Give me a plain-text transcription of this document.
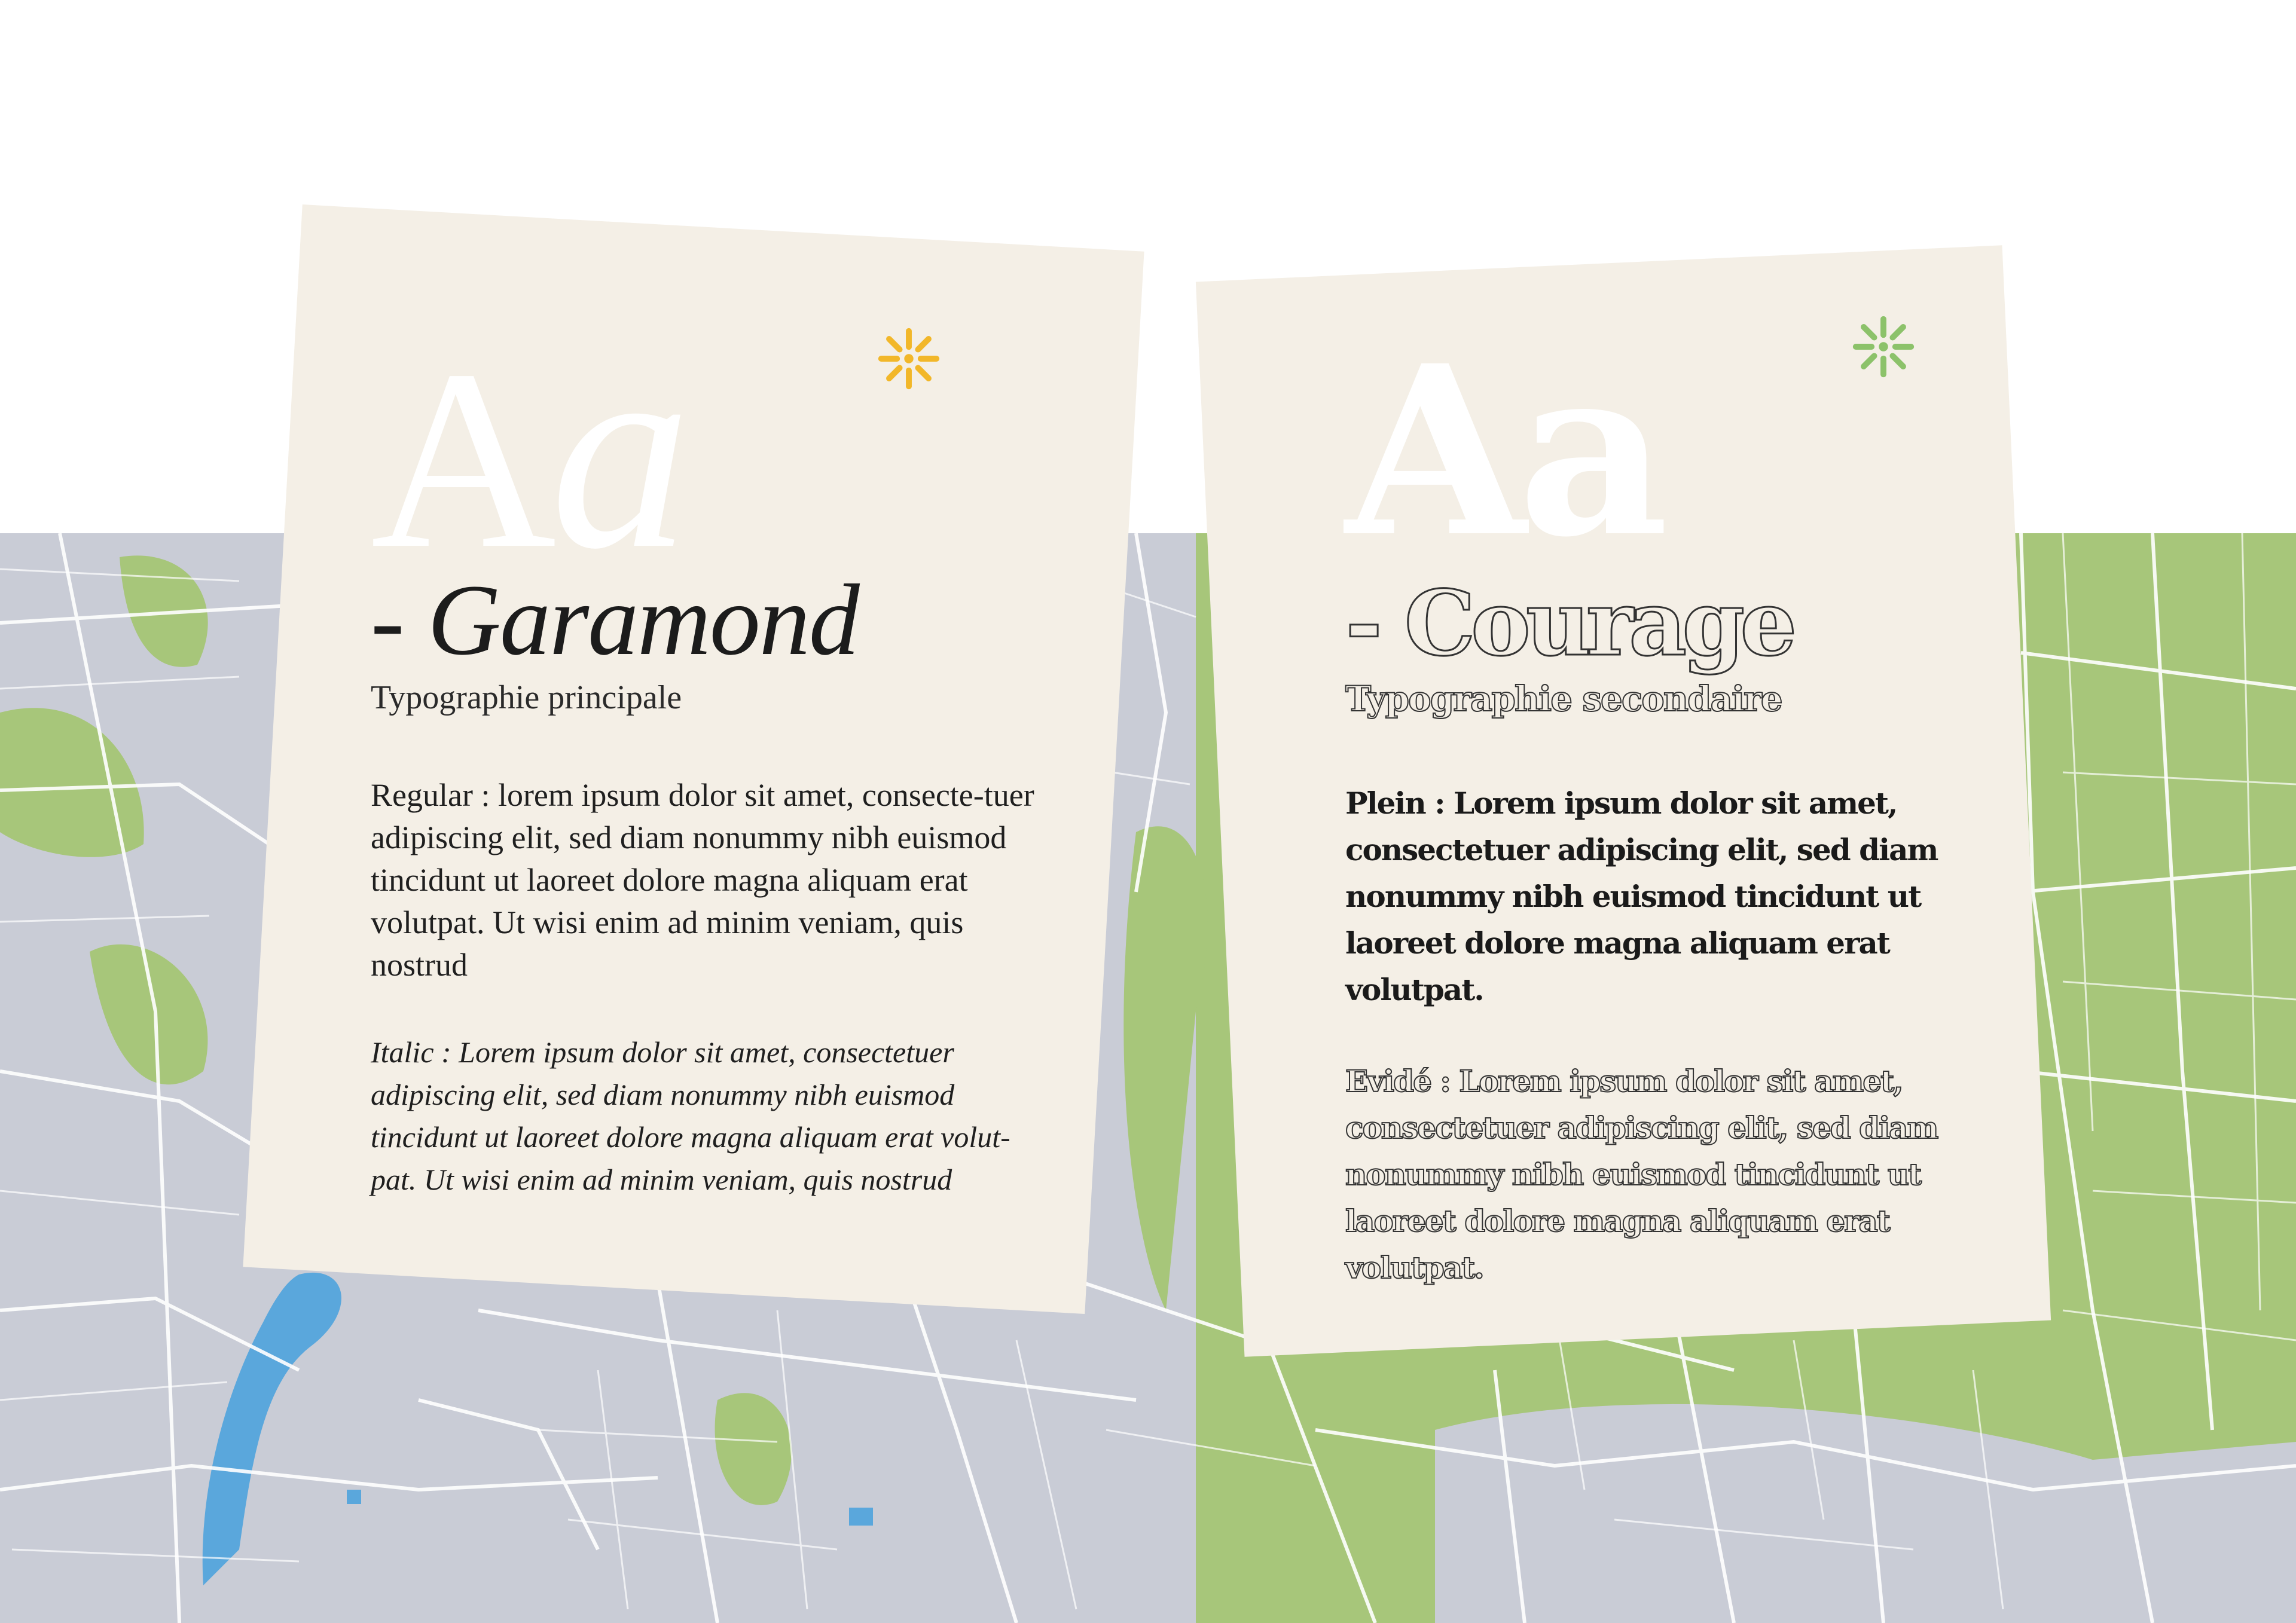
Aa
- Garamond
Typographie principale
Regular : lorem ipsum dolor sit amet, consecte-tuer adipiscing elit, sed diam nonummy nibh euismod tincidunt ut laoreet dolore magna aliquam erat volutpat. Ut wisi enim ad minim veniam, quis nostrud
Italic : Lorem ipsum dolor sit amet, consectetuer adipiscing elit, sed diam nonummy nibh euismod tincidunt ut laoreet dolore magna aliquam erat volut-pat. Ut wisi enim ad minim veniam, quis nostrud
Aa
- Courage
Typographie secondaire
Plein : Lorem ipsum dolor sit amet, consectetuer adipiscing elit, sed diam nonummy nibh euismod tincidunt ut laoreet dolore magna aliquam erat volutpat.
Evidé : Lorem ipsum dolor sit amet, consectetuer adipiscing elit, sed diam nonummy nibh euismod tincidunt ut laoreet dolore magna aliquam erat volutpat.
